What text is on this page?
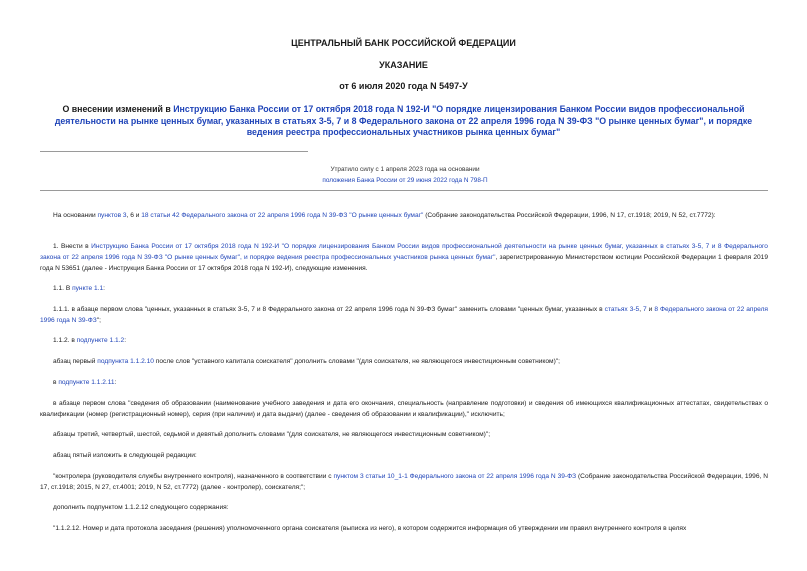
ЦЕНТРАЛЬНЫЙ БАНК РОССИЙСКОЙ ФЕДЕРАЦИИ
УКАЗАНИЕ
от 6 июля 2020 года N 5497-У
О внесении изменений в Инструкцию Банка России от 17 октября 2018 года N 192-И "О порядке лицензирования Банком России видов профессиональной деятельности на рынке ценных бумаг, указанных в статьях 3-5, 7 и 8 Федерального закона от 22 апреля 1996 года N 39-ФЗ "О рынке ценных бумаг", и порядке ведения реестра профессиональных участников рынка ценных бумаг"
Утратило силу с 1 апреля 2023 года на основании
положения Банка России от 29 июня 2022 года N 798-П
На основании пунктов 3, 6 и 18 статьи 42 Федерального закона от 22 апреля 1996 года N 39-ФЗ "О рынке ценных бумаг" (Собрание законодательства Российской Федерации, 1996, N 17, ст.1918; 2019, N 52, ст.7772):
1. Внести в Инструкцию Банка России от 17 октября 2018 года N 192-И "О порядке лицензирования Банком России видов профессиональной деятельности на рынке ценных бумаг, указанных в статьях 3-5, 7 и 8 Федерального закона от 22 апреля 1996 года N 39-ФЗ "О рынке ценных бумаг", и порядке ведения реестра профессиональных участников рынка ценных бумаг", зарегистрированную Министерством юстиции Российской Федерации 1 февраля 2019 года N 53651 (далее - Инструкция Банка России от 17 октября 2018 года N 192-И), следующие изменения.
1.1. В пункте 1.1:
1.1.1. в абзаце первом слова "ценных, указанных в статьях 3-5, 7 и 8 Федерального закона от 22 апреля 1996 года N 39-ФЗ бумаг" заменить словами "ценных бумаг, указанных в статьях 3-5, 7 и 8 Федерального закона от 22 апреля 1996 года N 39-ФЗ";
1.1.2. в подпункте 1.1.2:
абзац первый подпункта 1.1.2.10 после слов "уставного капитала соискателя" дополнить словами "(для соискателя, не являющегося инвестиционным советником)";
в подпункте 1.1.2.11:
в абзаце первом слова "сведения об образовании (наименование учебного заведения и дата его окончания, специальность (направление подготовки) и сведения об имеющихся квалификационных аттестатах, свидетельствах о квалификации (номер (регистрационный номер), серия (при наличии) и дата выдачи) (далее - сведения об образовании и квалификации)," исключить;
абзацы третий, четвертый, шестой, седьмой и девятый дополнить словами "(для соискателя, не являющегося инвестиционным советником)";
абзац пятый изложить в следующей редакции:
"контролера (руководителя службы внутреннего контроля), назначенного в соответствии с пунктом 3 статьи 10_1-1 Федерального закона от 22 апреля 1996 года N 39-ФЗ (Собрание законодательства Российской Федерации, 1996, N 17, ст.1918; 2015, N 27, ст.4001; 2019, N 52, ст.7772) (далее - контролер), соискателя;";
дополнить подпунктом 1.1.2.12 следующего содержания:
"1.1.2.12. Номер и дата протокола заседания (решения) уполномоченного органа соискателя (выписка из него), в котором содержится информация об утверждении им правил внутреннего контроля в целях
